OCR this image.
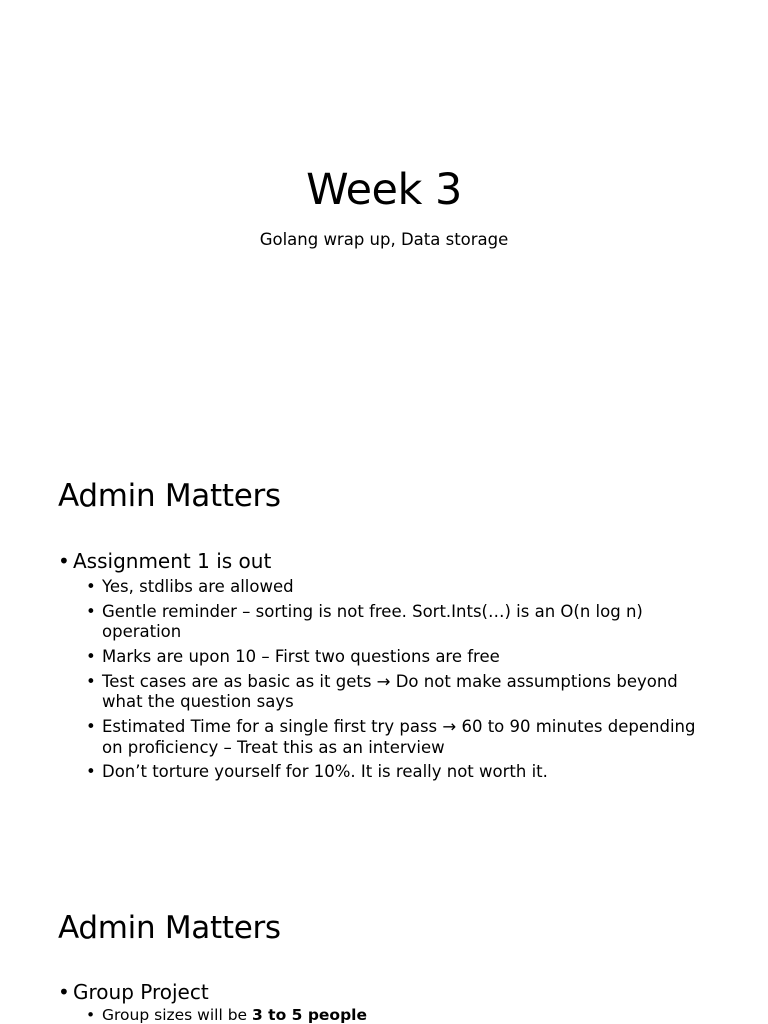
Week 3

Golang wrap up, Data storage

Admin Matters
• Assignment 1 is out
• Yes, stdlibs are allowed
• Gentle reminder – sorting is not free. Sort.Ints(…) is an O(n log n) operation
• Marks are upon 10 – First two questions are free
• Test cases are as basic as it gets → Do not make assumptions beyond what the question says
• Estimated Time for a single first try pass → 60 to 90 minutes depending on proficiency – Treat this as an interview
• Don’t torture yourself for 10%. It is really not worth it.
Admin Matters
• Group Project
• Group sizes will be 3 to 5 people
